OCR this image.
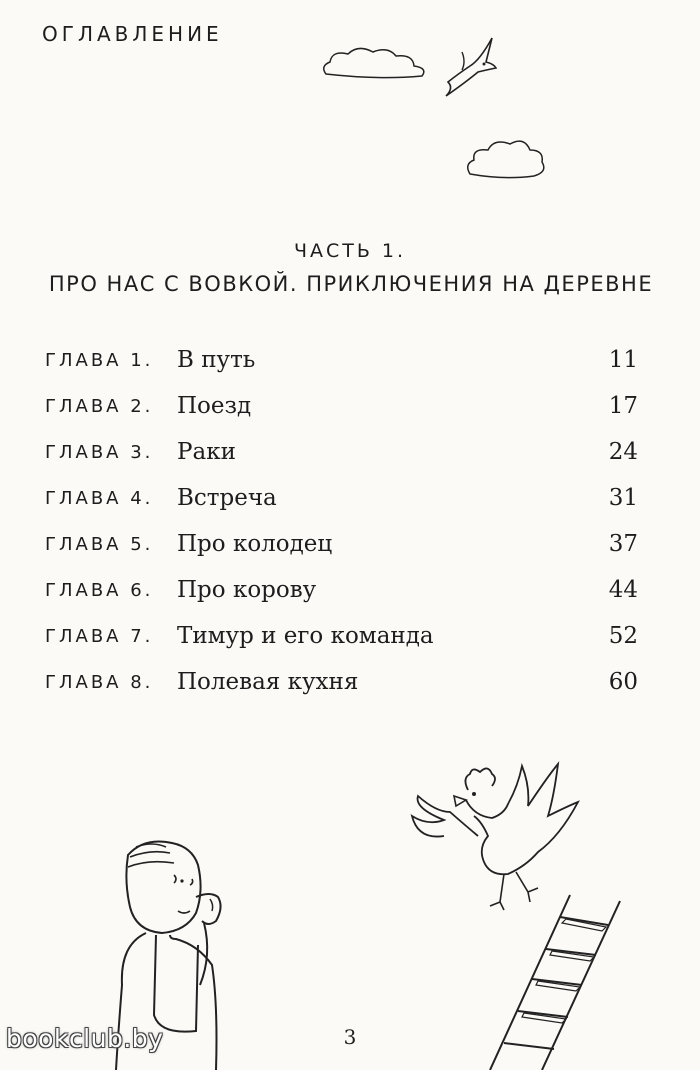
ОГЛАВЛЕНИЕ
ЧАСТЬ 1.
ПРО НАС С ВОВКОЙ. ПРИКЛЮЧЕНИЯ НА ДЕРЕВНЕ
ГЛАВА 1.	В путь	11
ГЛАВА 2.	Поезд	17
ГЛАВА 3.	Раки	24
ГЛАВА 4.	Встреча	31
ГЛАВА 5.	Про колодец	37
ГЛАВА 6.	Про корову	44
ГЛАВА 7.	Тимур и его команда	52
ГЛАВА 8.	Полевая кухня	60
3
bookclub.by
